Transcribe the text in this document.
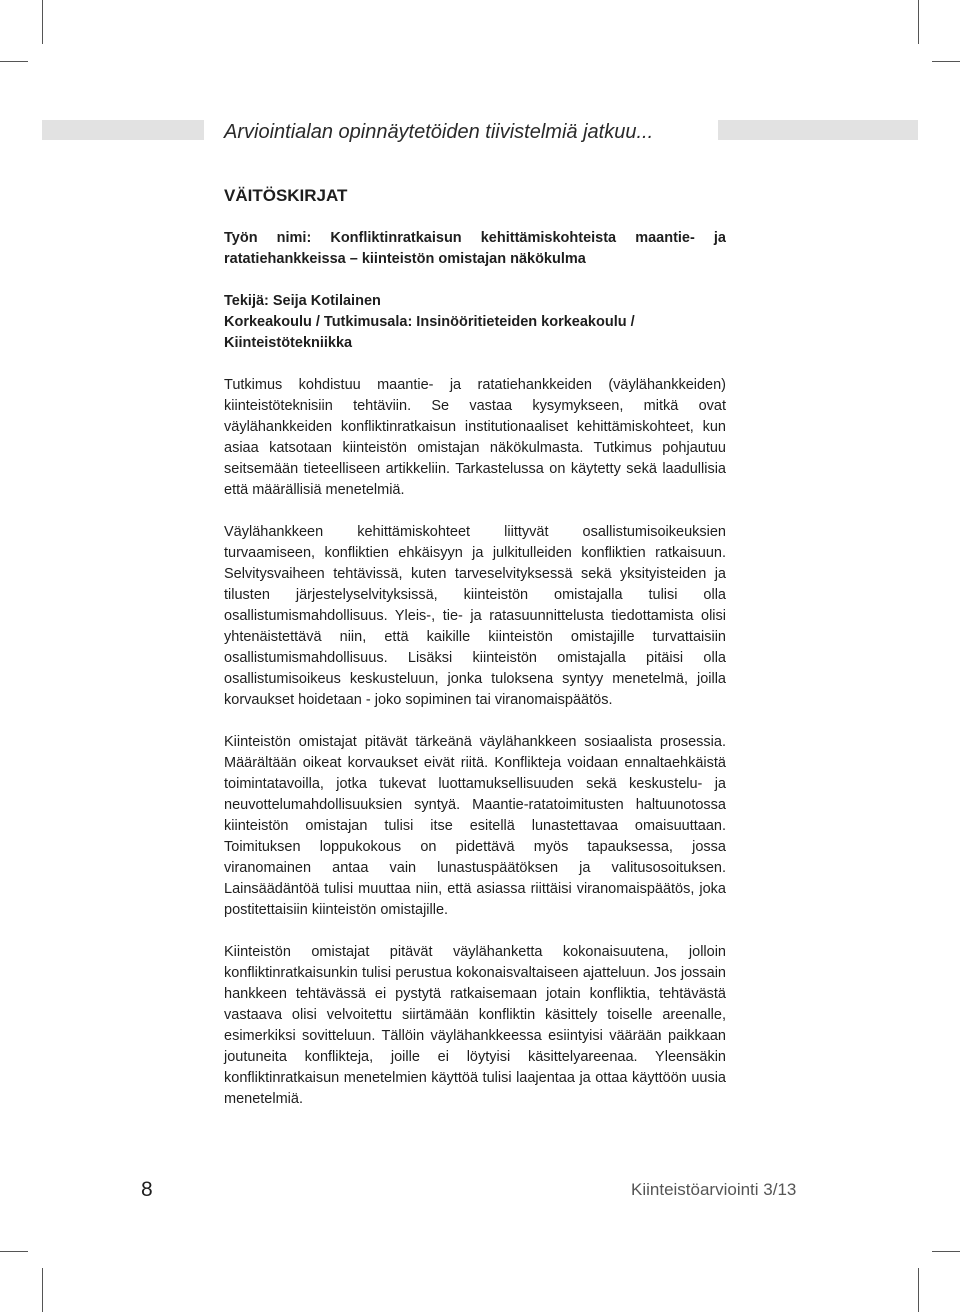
Arviointialan opinnäytetöiden tiivistelmiä jatkuu...
VÄITÖSKIRJAT

Työn nimi: Konfliktinratkaisun kehittämiskohteista maantie- ja ratatiehankkeissa – kiinteistön omistajan näkökulma

Tekijä: Seija Kotilainen

Korkeakoulu / Tutkimusala: Insinööritieteiden korkeakoulu / Kiinteistötekniikka

Tutkimus kohdistuu maantie- ja ratatiehankkeiden (väylähankkeiden) kiinteistöteknisiin tehtäviin. Se vastaa kysymykseen, mitkä ovat väylähankkeiden konfliktinratkaisun institutionaaliset kehittämiskohteet, kun asiaa katsotaan kiinteistön omistajan näkökulmasta. Tutkimus pohjautuu seitsemään tieteelliseen artikkeliin. Tarkastelussa on käytetty sekä laadullisia että määrällisiä menetelmiä.

Väylähankkeen kehittämiskohteet liittyvät osallistumisoikeuksien turvaamiseen, konfliktien ehkäisyyn ja julkitulleiden konfliktien ratkaisuun. Selvitysvaiheen tehtävissä, kuten tarveselvityksessä sekä yksityisteiden ja tilusten järjestelyselvityksissä, kiinteistön omistajalla tulisi olla osallistumismahdollisuus. Yleis-, tie- ja ratasuunnittelusta tiedottamista olisi yhtenäistettävä niin, että kaikille kiinteistön omistajille turvattaisiin osallistumismahdollisuus. Lisäksi kiinteistön omistajalla pitäisi olla osallistumisoikeus keskusteluun, jonka tuloksena syntyy menetelmä, joilla korvaukset hoidetaan - joko sopiminen tai viranomaispäätös.

Kiinteistön omistajat pitävät tärkeänä väylähankkeen sosiaalista prosessia. Määrältään oikeat korvaukset eivät riitä. Konflikteja voidaan ennaltaehkäistä toimintatavoilla, jotka tukevat luottamuksellisuuden sekä keskustelu- ja neuvottelumahdollisuuksien syntyä. Maantie-ratatoimitusten haltuunotossa kiinteistön omistajan tulisi itse esitellä lunastettavaa omaisuuttaan. Toimituksen loppukokous on pidettävä myös tapauksessa, jossa viranomainen antaa vain lunastuspäätöksen ja valitusosoituksen. Lainsäädäntöä tulisi muuttaa niin, että asiassa riittäisi viranomaispäätös, joka postitettaisiin kiinteistön omistajille.

Kiinteistön omistajat pitävät väylähanketta kokonaisuutena, jolloin konfliktinratkaisunkin tulisi perustua kokonaisvaltaiseen ajatteluun. Jos jossain hankkeen tehtävässä ei pystytä ratkaisemaan jotain konfliktia, tehtävästä vastaava olisi velvoitettu siirtämään konfliktin käsittely toiselle areenalle, esimerkiksi sovitteluun. Tällöin väylähankkeessa esiintyisi väärään paikkaan joutuneita konflikteja, joille ei löytyisi käsittelyareenaa. Yleensäkin konfliktinratkaisun menetelmien käyttöä tulisi laajentaa ja ottaa käyttöön uusia menetelmiä.

8	Kiinteistöarviointi 3/13
